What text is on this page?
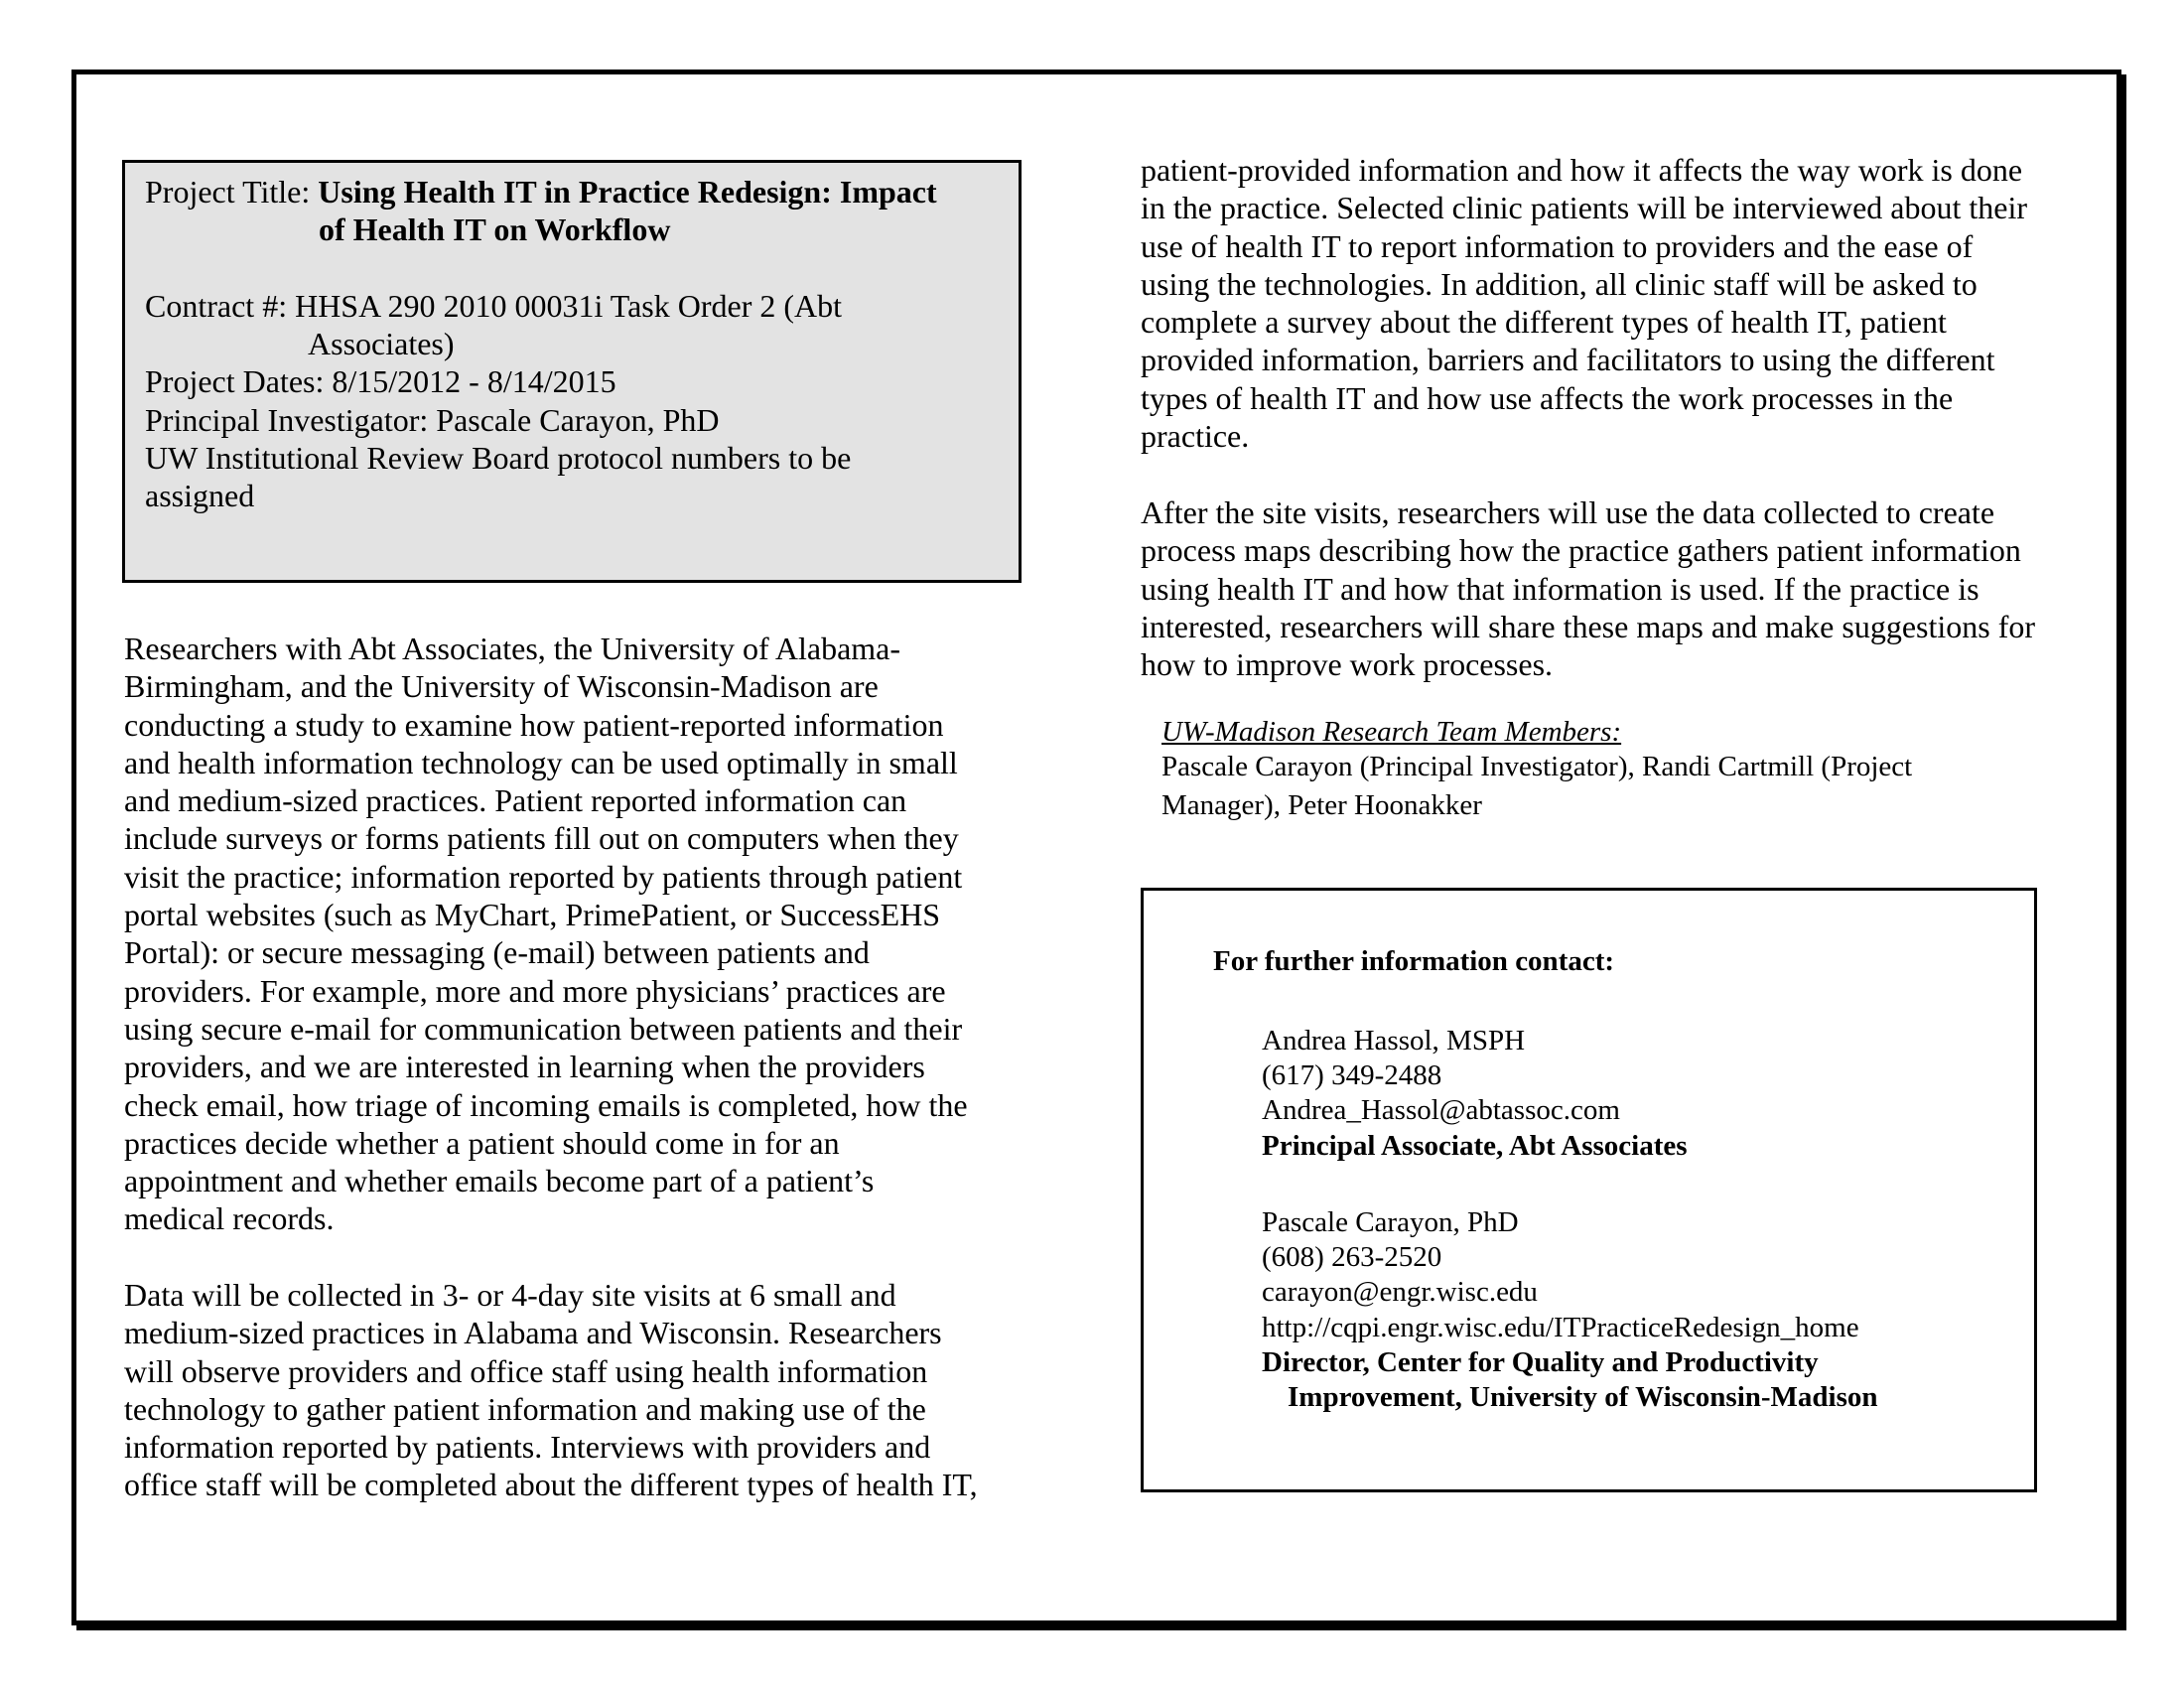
Project Title: Using Health IT in Practice Redesign: Impact
of Health IT on Workflow
Contract #: HHSA 290 2010 00031i Task Order 2 (Abt
Associates)
Project Dates: 8/15/2012 - 8/14/2015
Principal Investigator: Pascale Carayon, PhD
UW Institutional Review Board protocol numbers to be
assigned
Researchers with Abt Associates, the University of Alabama-
Birmingham, and the University of Wisconsin-Madison are
conducting a study to examine how patient-reported information
and health information technology can be used optimally in small
and medium-sized practices. Patient reported information can
include surveys or forms patients fill out on computers when they
visit the practice; information reported by patients through patient
portal websites (such as MyChart, PrimePatient, or SuccessEHS
Portal): or secure messaging (e-mail) between patients and
providers. For example, more and more physicians’ practices are
using secure e-mail for communication between patients and their
providers, and we are interested in learning when the providers
check email, how triage of incoming emails is completed, how the
practices decide whether a patient should come in for an
appointment and whether emails become part of a patient’s
medical records.
Data will be collected in 3- or 4-day site visits at 6 small and
medium-sized practices in Alabama and Wisconsin. Researchers
will observe providers and office staff using health information
technology to gather patient information and making use of the
information reported by patients. Interviews with providers and
office staff will be completed about the different types of health IT,
patient-provided information and how it affects the way work is done
in the practice. Selected clinic patients will be interviewed about their
use of health IT to report information to providers and the ease of
using the technologies. In addition, all clinic staff will be asked to
complete a survey about the different types of health IT, patient
provided information, barriers and facilitators to using the different
types of health IT and how use affects the work processes in the
practice.
After the site visits, researchers will use the data collected to create
process maps describing how the practice gathers patient information
using health IT and how that information is used. If the practice is
interested, researchers will share these maps and make suggestions for
how to improve work processes.
UW-Madison Research Team Members:
Pascale Carayon (Principal Investigator), Randi Cartmill (Project
Manager), Peter Hoonakker
For further information contact:
Andrea Hassol, MSPH
(617) 349-2488
Andrea_Hassol@abtassoc.com
Principal Associate, Abt Associates
Pascale Carayon, PhD
(608) 263-2520
carayon@engr.wisc.edu
http://cqpi.engr.wisc.edu/ITPracticeRedesign_home
Director, Center for Quality and Productivity
Improvement, University of Wisconsin-Madison
